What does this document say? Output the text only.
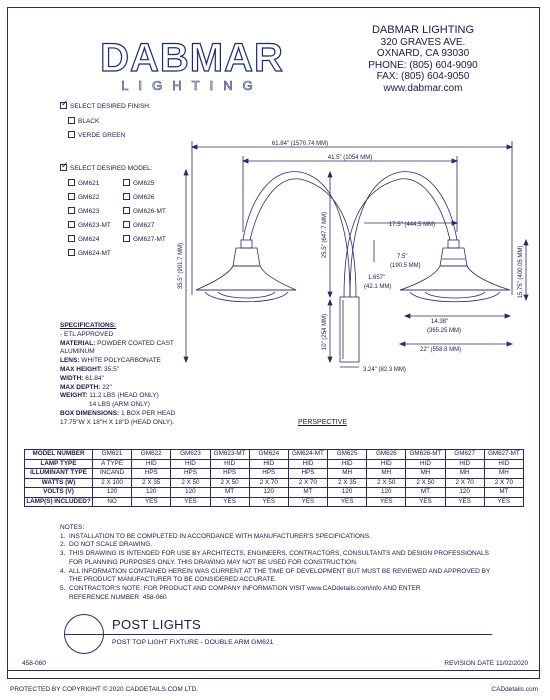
DABMAR
LIGHTING
DABMAR LIGHTING
320 GRAVES AVE.
OXNARD, CA 93030
PHONE: (805) 604-9090
FAX: (805) 604-9050
www.dabmar.com
✓SELECT DESIRED FINISH:
BLACK
VERDE GREEN
✓SELECT DESIRED MODEL:
GM621
GM622
GM623
GM623-MT
GM624
GM624-MT
GM625
GM626
GM626-MT
GM627
GM627-MT
61.84" (1570.74 MM)
41.5" (1054 MM)
17.5" (444.5 MM)
25.5" (647.7 MM)
35.5" (901.7 MM)
10" (254 MM)
3.24" (82.3 MM)
1.657"
(42.1 MM)
7.5"
(190.5 MM)	15.75" (400.05 MM)
14.38"
(365.25 MM)
22" (558.8 MM)
SPECIFICATIONS:
- ETL APPROVED
MATERIAL: POWDER COATED CAST ALUMINUM
LENS: WHITE POLYCARBONATE
MAX HEIGHT: 35.5"
WIDTH: 61.84"
MAX DEPTH: 22"
WEIGHT: 11.2 LBS (HEAD ONLY)
14 LBS (ARM ONLY)
BOX DIMENSIONS: 1 BOX PER HEAD 17.75"W X 18"H X 18"D (HEAD ONLY).	PERSPECTIVE
MODEL NUMBER	GM621	GM622	GM623	GM623-MT	GM624	GM624-MT	GM625	GM626	GM626-MT	GM627	GM627-MT
LAMP TYPE	A TYPE	HID	HID	HID	HID	HID	HID	HID	HID	HID	HID
ILLUMINANT TYPE	INCAND	HPS	HPS	HPS	HPS	HPS	MH	MH	MH	MH	MH
WATTS (W)	2 X 100	2 X 35	2 X 50	2 X 50	2 X 70	2 X 70	2 X 35	2 X 50	2 X 50	2 X 70	2 X 70
VOLTS (V)	120	120	120	MT	120	MT	120	120	MT	120	MT
LAMP(S) INCLUDED?	NO	YES	YES	YES	YES	YES	YES	YES	YES	YES	YES
NOTES:
1.  INSTALLATION TO BE COMPLETED IN ACCORDANCE WITH MANUFACTURER'S SPECIFICATIONS.
2.  DO NOT SCALE DRAWING.
3.  THIS DRAWING IS INTENDED FOR USE BY ARCHITECTS, ENGINEERS, CONTRACTORS, CONSULTANTS AND DESIGN PROFESSIONALS
FOR PLANNING PURPOSES ONLY. THIS DRAWING MAY NOT BE USED FOR CONSTRUCTION.
4.  ALL INFORMATION CONTAINED HEREIN WAS CURRENT AT THE TIME OF DEVELOPMENT BUT MUST BE REVIEWED AND APPROVED BY
THE PRODUCT MANUFACTURER TO BE CONSIDERED ACCURATE.
5.  CONTRACTOR'S NOTE: FOR PRODUCT AND COMPANY INFORMATION VISIT www.CADdetails.com/info AND ENTER
REFERENCE NUMBER  458-060
POST LIGHTS
POST TOP LIGHT FIXTURE - DOUBLE ARM GM621
458-060	REVISION DATE 11/02/2020
PROTECTED BY COPYRIGHT © 2020 CADDETAILS.COM LTD.	CADdetails.com
